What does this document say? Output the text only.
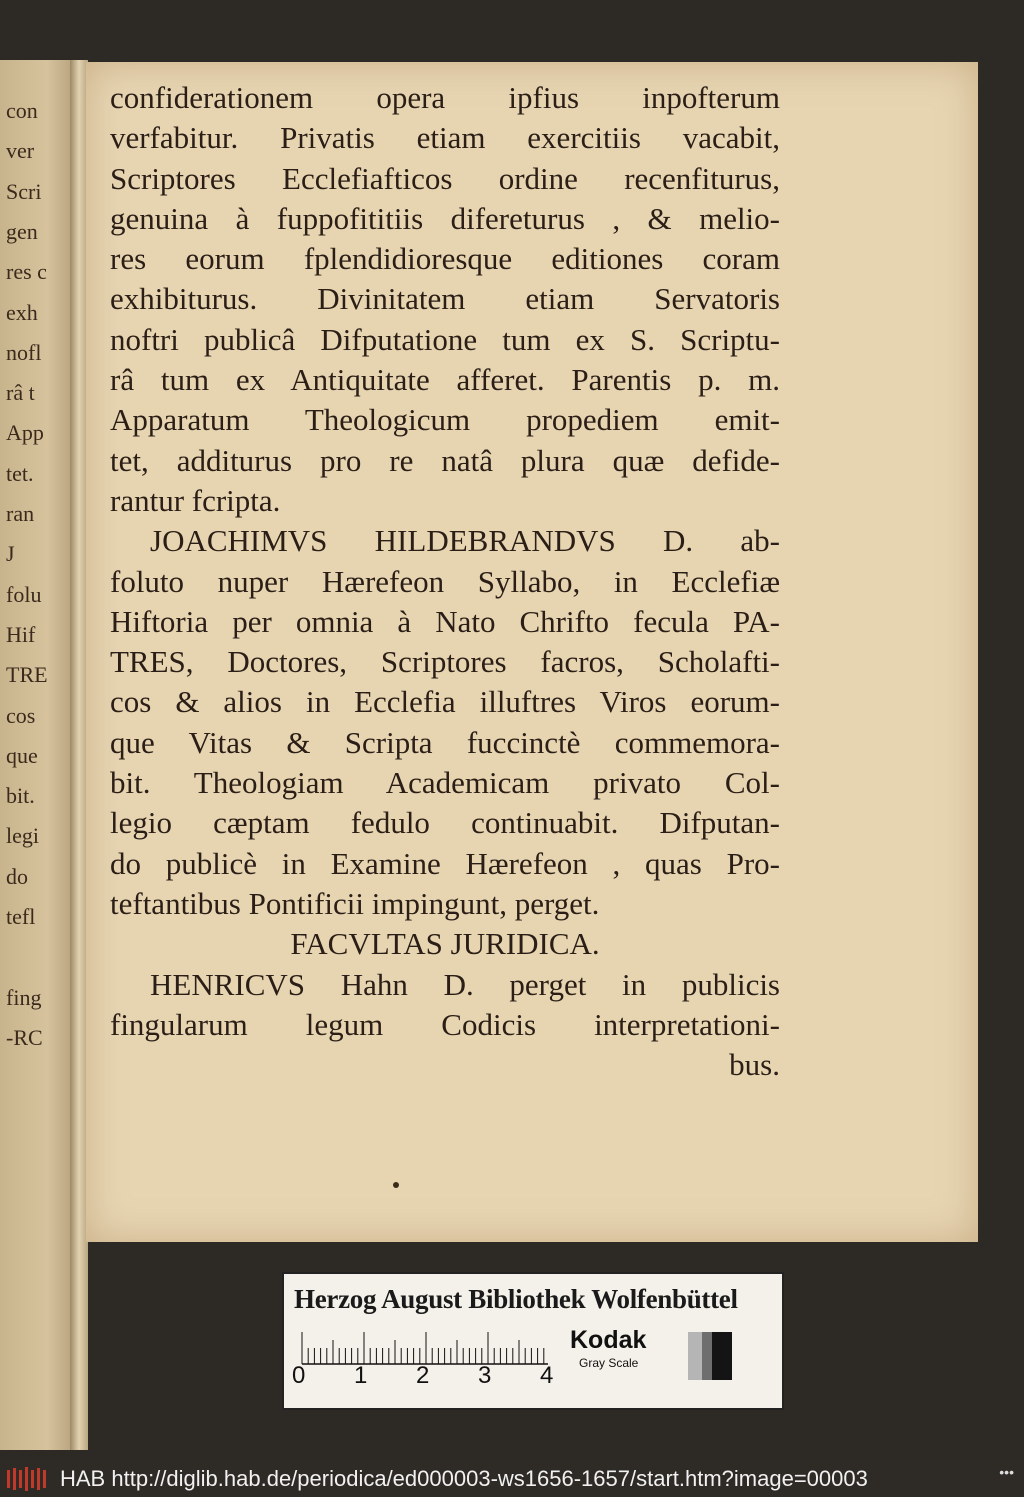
con
ver
Scri
gen
res c
exh
nofl
râ t
App
tet.
ran
J
folu
Hif
TRE
cos
que
bit.
legi
do
tefl
fing
-RC
confiderationem opera ipfius inpofterum
verfabitur. Privatis etiam exercitiis vacabit,
Scriptores Ecclefiafticos ordine recenfiturus,
genuina à fuppofititiis difereturus , & melio-
res eorum fplendidioresque editiones coram
exhibiturus. Divinitatem etiam Servatoris
noftri publicâ Difputatione tum ex S. Scriptu-
râ tum ex Antiquitate afferet. Parentis p. m.
Apparatum Theologicum propediem emit-
tet, additurus pro re natâ plura quæ defide-
rantur fcripta.
JOACHIMVS HILDEBRANDVS D. ab-
foluto nuper Hærefeon Syllabo, in Ecclefiæ
Hiftoria per omnia à Nato Chrifto fecula PA-
TRES, Doctores, Scriptores facros, Scholafti-
cos & alios in Ecclefia illuftres Viros eorum-
que Vitas & Scripta fuccinctè commemora-
bit. Theologiam Academicam privato Col-
legio cæptam fedulo continuabit. Difputan-
do publicè in Examine Hærefeon , quas Pro-
teftantibus Pontificii impingunt, perget.
FACVLTAS JURIDICA.
HENRICVS Hahn D. perget in publicis
fingularum legum Codicis interpretationi-
bus.
Herzog August Bibliothek Wolfenbüttel
0 1 2 3 4
Kodak
Gray Scale
HAB http://diglib.hab.de/periodica/ed000003-ws1656-1657/start.htm?image=00003	•••
